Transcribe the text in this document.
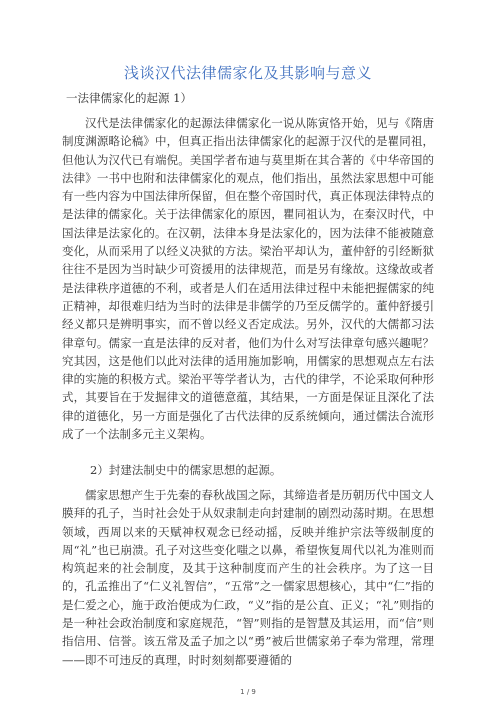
浅谈汉代法律儒家化及其影响与意义
一法律儒家化的起源 1）

汉代是法律儒家化的起源法律儒家化一说从陈寅恪开始，见与《隋唐制度渊源略论稿》中，但真正指出法律儒家化的起源于汉代的是瞿同祖，但他认为汉代已有端倪。美国学者布迪与莫里斯在其合著的《中华帝国的法律》一书中也附和法律儒家化的观点，他们指出，虽然法家思想中可能有一些内容为中国法律所保留，但在整个帝国时代，真正体现法律特点的是法律的儒家化。关于法律儒家化的原因，瞿同祖认为，在秦汉时代，中国法律是法家化的。在汉朝，法律本身是法家化的，因为法律不能被随意变化，从而采用了以经义决狱的方法。梁治平却认为，董仲舒的引经断狱往往不是因为当时缺少可资援用的法律规范，而是另有缘故。这缘故或者是法律秩序道德的不利，或者是人们在适用法律过程中未能把握儒家的纯正精神，却很难归结为当时的法律是非儒学的乃至反儒学的。董仲舒援引经义都只是辨明事实，而不曾以经义否定成法。另外，汉代的大儒都习法律章句。儒家一直是法律的反对者，他们为什么对写法律章句感兴趣呢？究其因，这是他们以此对法律的适用施加影响，用儒家的思想观点左右法律的实施的积极方式。梁治平等学者认为，古代的律学，不论采取何种形式，其要旨在于发掘律文的道德意蕴，其结果，一方面是保证且深化了法律的道德化，另一方面是强化了古代法律的反系统倾向，通过儒法合流形成了一个法制多元主义架构。

2）封建法制史中的儒家思想的起源。

儒家思想产生于先秦的春秋战国之际，其缔造者是历朝历代中国文人膜拜的孔子，当时社会处于从奴隶制走向封建制的剧烈动荡时期。在思想领域，西周以来的天赋神权观念已经动摇，反映并维护宗法等级制度的周“礼”也已崩溃。孔子对这些变化嗤之以鼻，希望恢复周代以礼为准则而构筑起来的社会制度，及其于这种制度而产生的社会秩序。为了这一目的，孔孟推出了“仁义礼智信”，“五常”之一儒家思想核心，其中“仁”指的是仁爱之心，施于政治便成为仁政，“义”指的是公直、正义；“礼”则指的是一种社会政治制度和家庭规范，“智”则指的是智慧及其运用，而“信”则指信用、信誉。该五常及孟子加之以“勇”被后世儒家弟子奉为常理，常理——即不可违反的真理，时时刻刻都要遵循的

1 / 9
